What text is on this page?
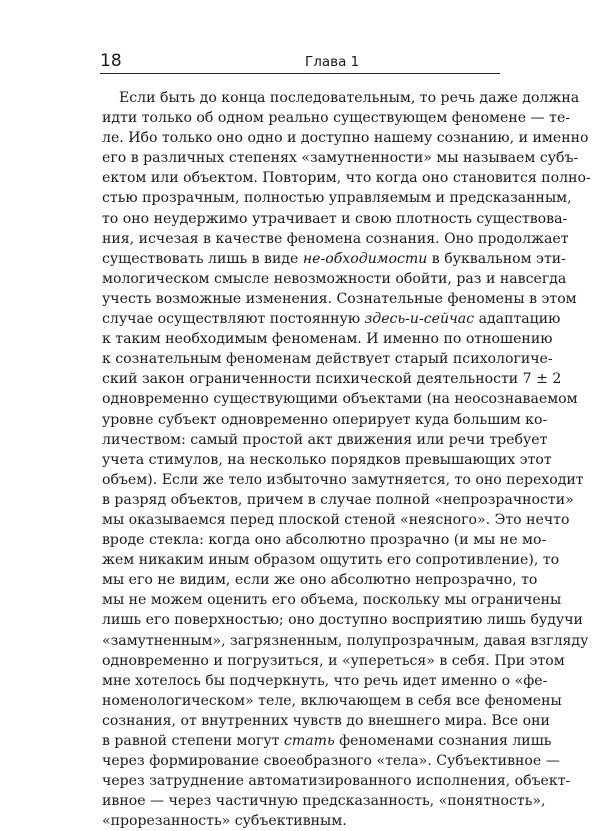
18	Глава 1
Если быть до конца последовательным, то речь даже должна
идти только об одном реально существующем феномене — те-
ле. Ибо только оно одно и доступно нашему сознанию, и именно
его в различных степенях «замутненности» мы называем субъ-
ектом или объектом. Повторим, что когда оно становится полно-
стью прозрачным, полностью управляемым и предсказанным,
то оно неудержимо утрачивает и свою плотность существова-
ния, исчезая в качестве феномена сознания. Оно продолжает
существовать лишь в виде не-обходимости в буквальном эти-
мологическом смысле невозможности обойти, раз и навсегда
учесть возможные изменения. Сознательные феномены в этом
случае осуществляют постоянную здесь-и-сейчас адаптацию
к таким необходимым феноменам. И именно по отношению
к сознательным феноменам действует старый психологиче-
ский закон ограниченности психической деятельности 7 ± 2
одновременно существующими объектами (на неосознаваемом
уровне субъект одновременно оперирует куда большим ко-
личеством: самый простой акт движения или речи требует
учета стимулов, на несколько порядков превышающих этот
объем). Если же тело избыточно замутняется, то оно переходит
в разряд объектов, причем в случае полной «непрозрачности»
мы оказываемся перед плоской стеной «неясного». Это нечто
вроде стекла: когда оно абсолютно прозрачно (и мы не мо-
жем никаким иным образом ощутить его сопротивление), то
мы его не видим, если же оно абсолютно непрозрачно, то
мы не можем оценить его объема, поскольку мы ограничены
лишь его поверхностью; оно доступно восприятию лишь будучи
«замутненным», загрязненным, полупрозрачным, давая взгляду
одновременно и погрузиться, и «упереться» в себя. При этом
мне хотелось бы подчеркнуть, что речь идет именно о «фе-
номенологическом» теле, включающем в себя все феномены
сознания, от внутренних чувств до внешнего мира. Все они
в равной степени могут стать феноменами сознания лишь
через формирование своеобразного «тела». Субъективное —
через затруднение автоматизированного исполнения, объект-
ивное — через частичную предсказанность, «понятность»,
«прорезанность» субъективным.
